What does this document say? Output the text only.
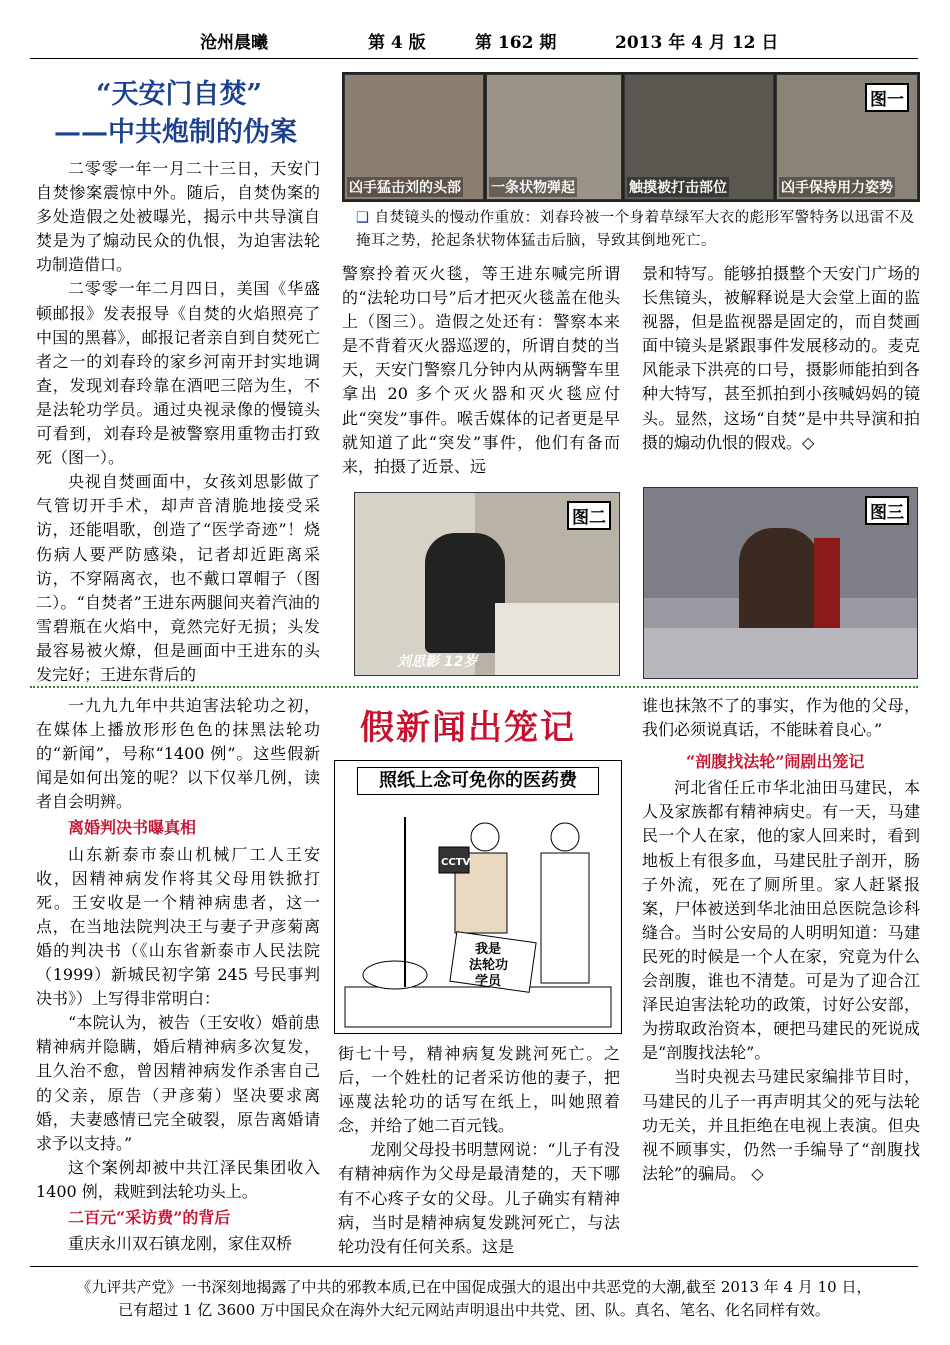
沧州晨曦	第 4 版	第 162 期	2013 年 4 月 12 日
“天安门自焚”
——中共炮制的伪案

二零零一年一月二十三日，天安门自焚惨案震惊中外。随后，自焚伪案的多处造假之处被曝光，揭示中共导演自焚是为了煽动民众的仇恨，为迫害法轮功制造借口。

二零零一年二月四日，美国《华盛顿邮报》发表报导《自焚的火焰照亮了中国的黑暮》，邮报记者亲自到自焚死亡者之一的刘春玲的家乡河南开封实地调查，发现刘春玲靠在酒吧三陪为生，不是法轮功学员。通过央视录像的慢镜头可看到，刘春玲是被警察用重物击打致死（图一）。

央视自焚画面中，女孩刘思影做了气管切开手术，却声音清脆地接受采访，还能唱歌，创造了“医学奇迹”！烧伤病人要严防感染，记者却近距离采访，不穿隔离衣，也不戴口罩帽子（图二）。“自焚者”王进东两腿间夹着汽油的雪碧瓶在火焰中，竟然完好无损；头发最容易被火燎，但是画面中王进东的头发完好；王进东背后的

凶手猛击刘的头部 一条状物弹起	触摸被打击部位	凶手保持用力姿势
图一
❑ 自焚镜头的慢动作重放：刘春玲被一个身着草绿军大衣的彪形军警特务以迅雷不及掩耳之势，抡起条状物体猛击后脑，导致其倒地死亡。

警察拎着灭火毯，等王进东喊完所谓的“法轮功口号”后才把灭火毯盖在他头上（图三）。造假之处还有：警察本来是不背着灭火器巡逻的，所谓自焚的当天，天安门警察几分钟内从两辆警车里拿出 20 多个灭火器和灭火毯应付此“突发”事件。喉舌媒体的记者更是早就知道了此“突发”事件，他们有备而来，拍摄了近景、远

景和特写。能够拍摄整个天安门广场的长焦镜头，被解释说是大会堂上面的监视器，但是监视器是固定的，而自焚画面中镜头是紧跟事件发展移动的。麦克风能录下洪亮的口号，摄影师能拍到各种大特写，甚至抓拍到小孩喊妈妈的镜头。显然，这场“自焚”是中共导演和拍摄的煽动仇恨的假戏。◇

图二
刘思影 12岁
图三

一九九九年中共迫害法轮功之初，在媒体上播放形形色色的抹黑法轮功的“新闻”，号称“1400 例”。这些假新闻是如何出笼的呢？以下仅举几例，读者自会明辨。

离婚判决书曝真相

山东新泰市泰山机械厂工人王安收，因精神病发作将其父母用铁掀打死。王安收是一个精神病患者，这一点，在当地法院判决王与妻子尹彦菊离婚的判决书（《山东省新泰市人民法院（1999）新城民初字第 245 号民事判决书》）上写得非常明白：

“本院认为，被告（王安收）婚前患精神病并隐瞒，婚后精神病多次复发，且久治不愈，曾因精神病发作杀害自己的父亲，原告（尹彦菊）坚决要求离婚，夫妻感情已完全破裂，原告离婚请求予以支持。”

这个案例却被中共江泽民集团收入 1400 例，栽赃到法轮功头上。

二百元“采访费”的背后

重庆永川双石镇龙刚，家住双桥

假新闻出笼记
照纸上念可免你的医药费
CCTV
我是
法轮功
学员

街七十号，精神病复发跳河死亡。之后，一个姓杜的记者采访他的妻子，把诬蔑法轮功的话写在纸上，叫她照着念，并给了她二百元钱。

龙刚父母投书明慧网说：“儿子有没有精神病作为父母是最清楚的，天下哪有不心疼子女的父母。儿子确实有精神病，当时是精神病复发跳河死亡，与法轮功没有任何关系。这是

谁也抹煞不了的事实，作为他的父母，我们必须说真话，不能昧着良心。”

“剖腹找法轮”闹剧出笼记

河北省任丘市华北油田马建民，本人及家族都有精神病史。有一天，马建民一个人在家，他的家人回来时，看到地板上有很多血，马建民肚子剖开，肠子外流，死在了厕所里。家人赶紧报案，尸体被送到华北油田总医院急诊科缝合。当时公安局的人明明知道：马建民死的时候是一个人在家，究竟为什么会剖腹，谁也不清楚。可是为了迎合江泽民迫害法轮功的政策，讨好公安部，为捞取政治资本，硬把马建民的死说成是“剖腹找法轮”。

当时央视去马建民家编排节目时，马建民的儿子一再声明其父的死与法轮功无关，并且拒绝在电视上表演。但央视不顾事实，仍然一手编导了“剖腹找法轮”的骗局。 ◇

《九评共产党》一书深刻地揭露了中共的邪教本质,已在中国促成强大的退出中共恶党的大潮,截至 2013 年 4 月 10 日，
已有超过 1 亿 3600 万中国民众在海外大纪元网站声明退出中共党、团、队。真名、笔名、化名同样有效。
